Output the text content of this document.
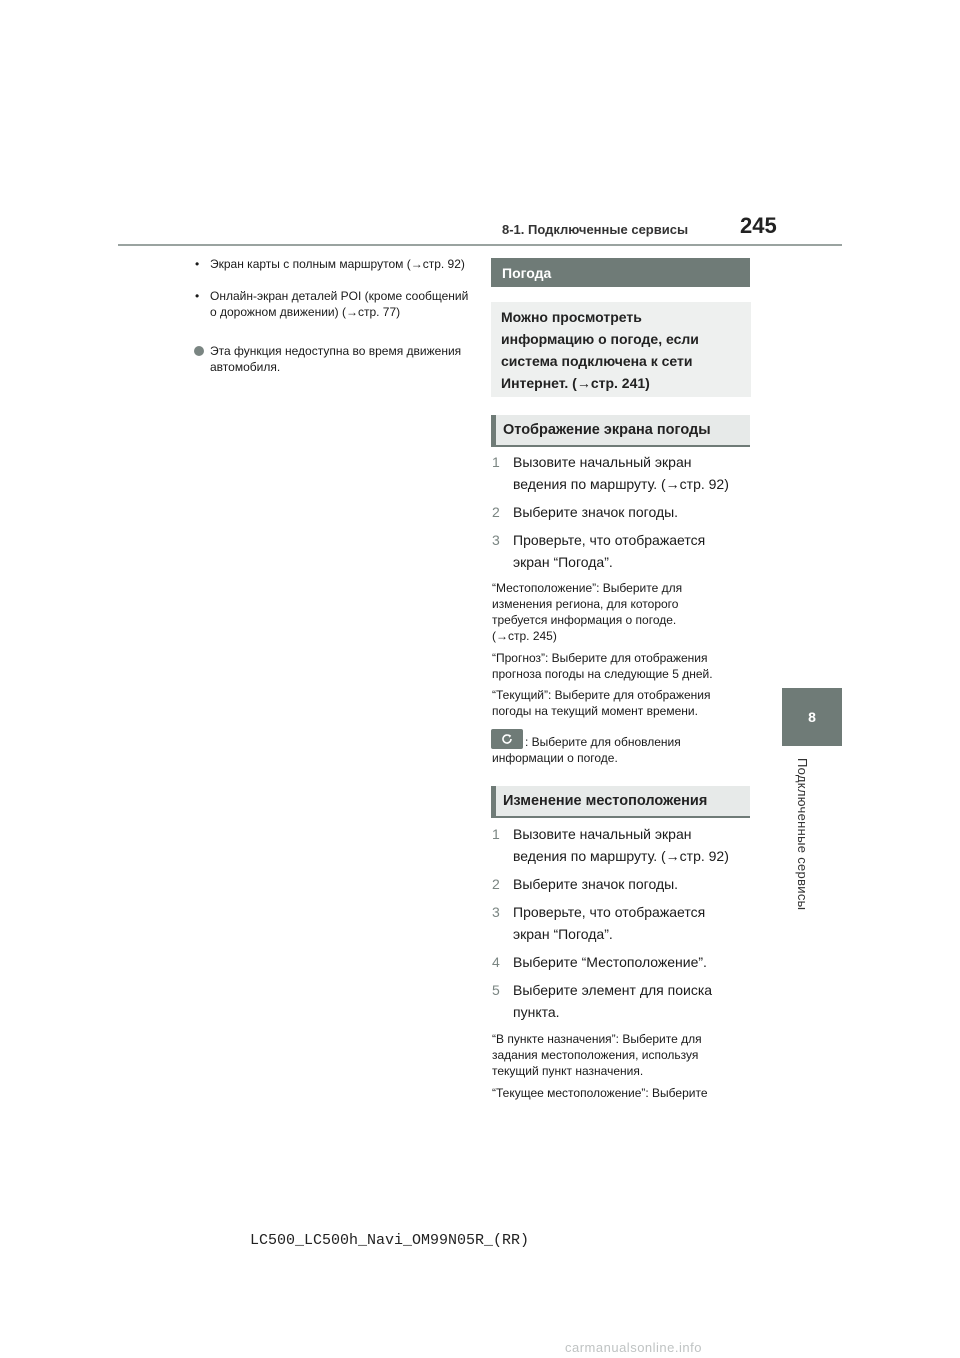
8-1. Подключенные сервисы 245
8
Подключенные сервисы
• Экран карты с полным маршрутом (→стр. 92)
• Онлайн-экран деталей POI (кроме сообщений о дорожном движении) (→стр. 77)
Эта функция недоступна во время движения автомобиля.
Погода
Можно просмотреть
информацию о погоде, если
система подключена к сети
Интернет. (→стр. 241)
Отображение экрана погоды
1 Вызовите начальный экран
ведения по маршруту. (→стр. 92)
2 Выберите значок погоды.
3 Проверьте, что отображается
экран “Погода”.
“Местоположение”: Выберите для
изменения региона, для которого
требуется информация о погоде.
(→стр. 245)
“Прогноз”: Выберите для отображения
прогноза погоды на следующие 5 дней.
“Текущий”: Выберите для отображения
погоды на текущий момент времени.
: Выберите для обновления
информации о погоде.
Изменение местоположения
1 Вызовите начальный экран
ведения по маршруту. (→стр. 92)
2 Выберите значок погоды.
3 Проверьте, что отображается
экран “Погода”.
4 Выберите “Местоположение”.
5 Выберите элемент для поиска
пункта.
“В пункте назначения”: Выберите для
задания местоположения, используя
текущий пункт назначения.
“Текущее местоположение”: Выберите
LC500_LC500h_Navi_OM99N05R_(RR)
carmanualsonline.info
